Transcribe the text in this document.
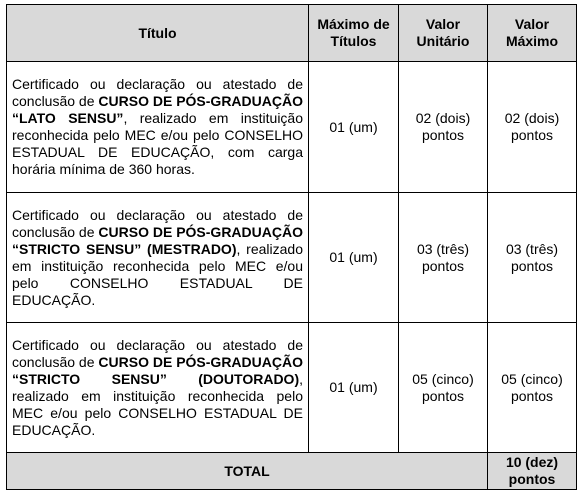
Título	Máximo de Títulos	Valor Unitário	Valor Máximo
Certificado ou declaração ou atestado de conclusão de CURSO DE PÓS-GRADUAÇÃO “LATO SENSU”, realizado em instituição reconhecida pelo MEC e/ou pelo CONSELHO ESTADUAL DE EDUCAÇÃO, com carga horária mínima de 360 horas.	01 (um)	02 (dois) pontos	02 (dois) pontos
Certificado ou declaração ou atestado de conclusão de CURSO DE PÓS-GRADUAÇÃO “STRICTO SENSU” (MESTRADO), realizado em instituição reconhecida pelo MEC e/ou pelo CONSELHO ESTADUAL DE EDUCAÇÃO.	01 (um)	03 (três) pontos	03 (três) pontos
Certificado ou declaração ou atestado de conclusão de CURSO DE PÓS-GRADUAÇÃO “STRICTO SENSU” (DOUTORADO), realizado em instituição reconhecida pelo MEC e/ou pelo CONSELHO ESTADUAL DE EDUCAÇÃO.	01 (um)	05 (cinco) pontos	05 (cinco) pontos
TOTAL			10 (dez) pontos
